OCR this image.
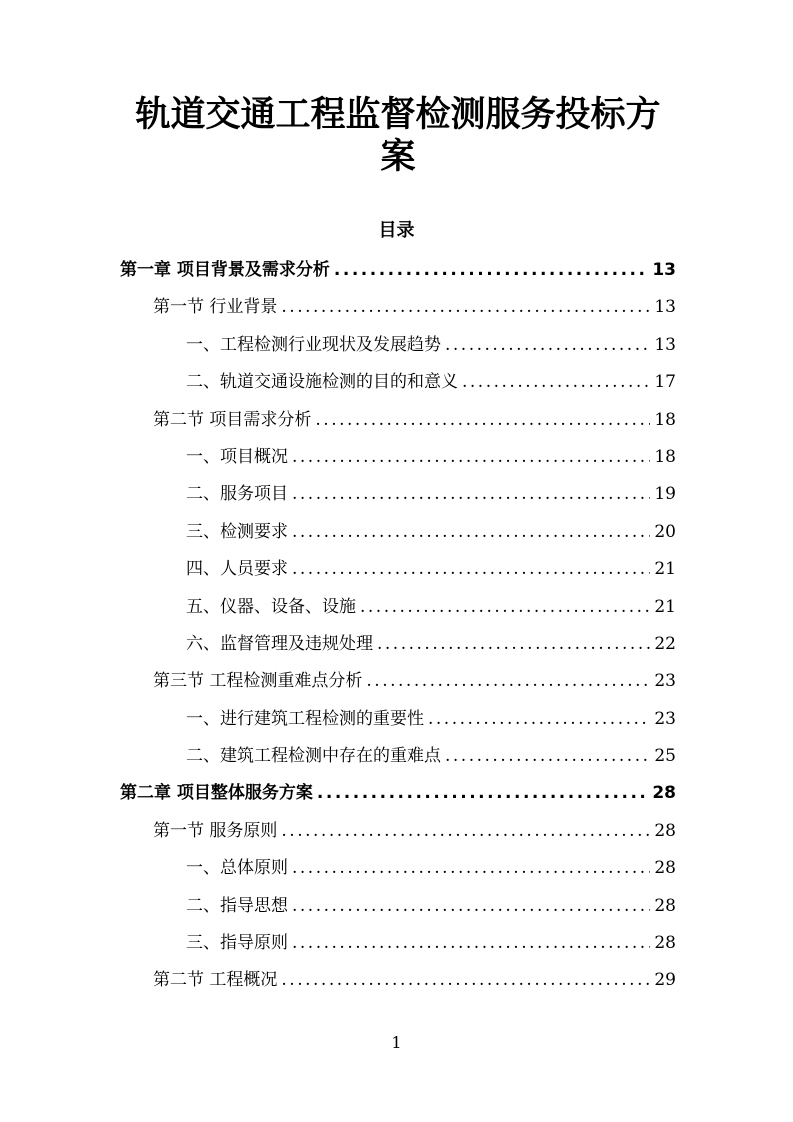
轨道交通工程监督检测服务投标方案
目录
第一章 项目背景及需求分析 .....	13
第一节 行业背景 .....	13
一、工程检测行业现状及发展趋势 .....	13
二、轨道交通设施检测的目的和意义 .....	17
第二节 项目需求分析 .....	18
一、项目概况 .....	18
二、服务项目 .....	19
三、检测要求 .....	20
四、人员要求 .....	21
五、仪器、设备、设施 .....	21
六、监督管理及违规处理 .....	22
第三节 工程检测重难点分析 .....	23
一、进行建筑工程检测的重要性 .....	23
二、建筑工程检测中存在的重难点 .....	25
第二章 项目整体服务方案 .....	28
第一节 服务原则 .....	28
一、总体原则 .....	28
二、指导思想 .....	28
三、指导原则 .....	28
第二节 工程概况 .....	29
1
